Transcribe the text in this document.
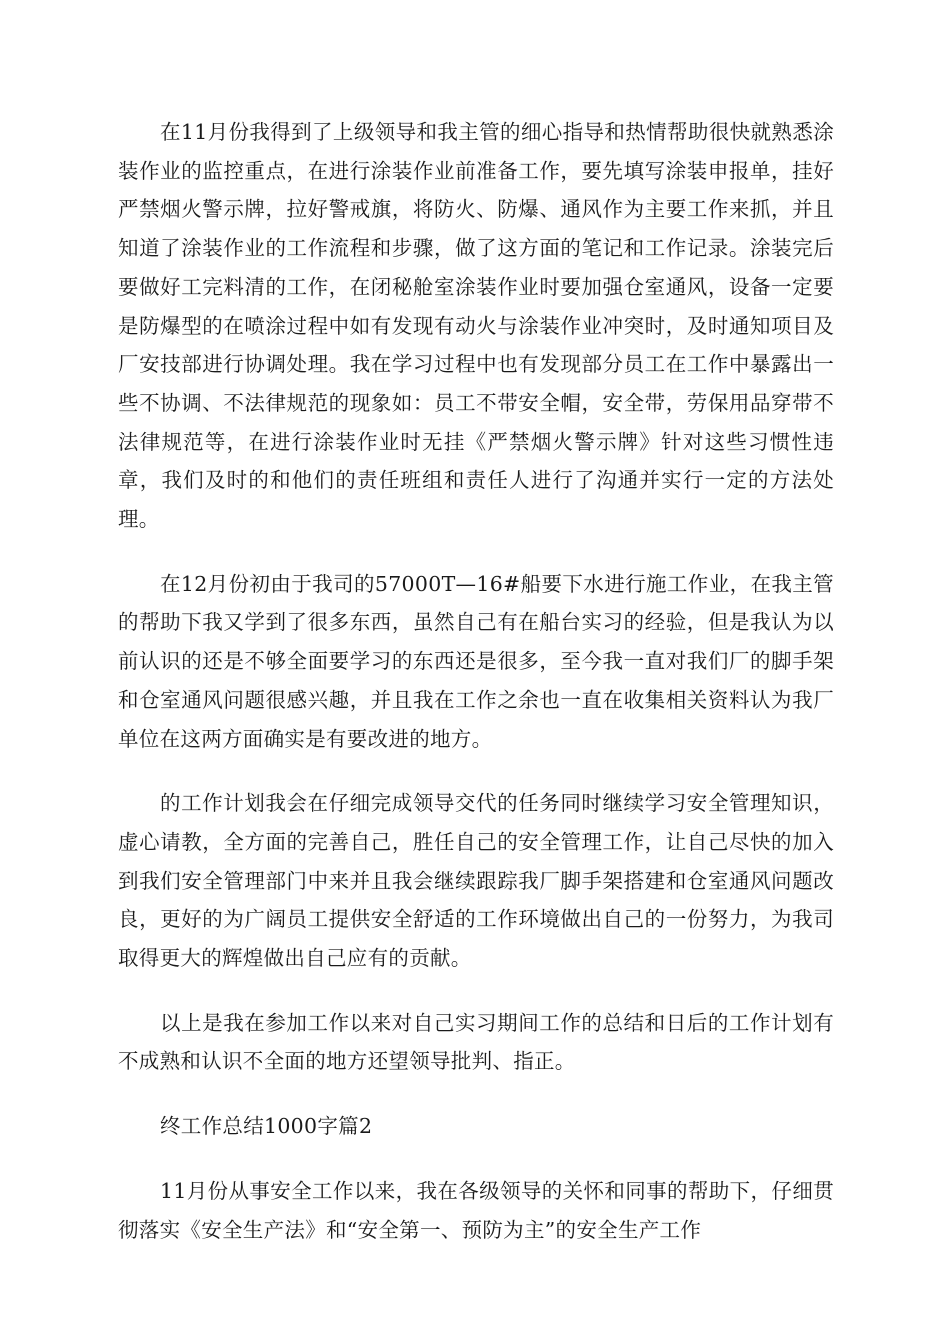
在11月份我得到了上级领导和我主管的细心指导和热情帮助很快就熟悉涂装作业的监控重点，在进行涂装作业前准备工作，要先填写涂装申报单，挂好严禁烟火警示牌，拉好警戒旗，将防火、防爆、通风作为主要工作来抓，并且知道了涂装作业的工作流程和步骤，做了这方面的笔记和工作记录。涂装完后要做好工完料清的工作，在闭秘舱室涂装作业时要加强仓室通风，设备一定要是防爆型的在喷涂过程中如有发现有动火与涂装作业冲突时，及时通知项目及厂安技部进行协调处理。我在学习过程中也有发现部分员工在工作中暴露出一些不协调、不法律规范的现象如：员工不带安全帽，安全带，劳保用品穿带不法律规范等，在进行涂装作业时无挂《严禁烟火警示牌》针对这些习惯性违章，我们及时的和他们的责任班组和责任人进行了沟通并实行一定的方法处理。

在12月份初由于我司的57000T—16#船要下水进行施工作业，在我主管的帮助下我又学到了很多东西，虽然自己有在船台实习的经验，但是我认为以前认识的还是不够全面要学习的东西还是很多，至今我一直对我们厂的脚手架和仓室通风问题很感兴趣，并且我在工作之余也一直在收集相关资料认为我厂单位在这两方面确实是有要改进的地方。

的工作计划我会在仔细完成领导交代的任务同时继续学习安全管理知识，虚心请教，全方面的完善自己，胜任自己的安全管理工作，让自己尽快的加入到我们安全管理部门中来并且我会继续跟踪我厂脚手架搭建和仓室通风问题改良，更好的为广阔员工提供安全舒适的工作环境做出自己的一份努力，为我司取得更大的辉煌做出自己应有的贡献。

以上是我在参加工作以来对自己实习期间工作的总结和日后的工作计划有不成熟和认识不全面的地方还望领导批判、指正。

终工作总结1000字篇2

11月份从事安全工作以来，我在各级领导的关怀和同事的帮助下，仔细贯彻落实《安全生产法》和“安全第一、预防为主”的安全生产工作
